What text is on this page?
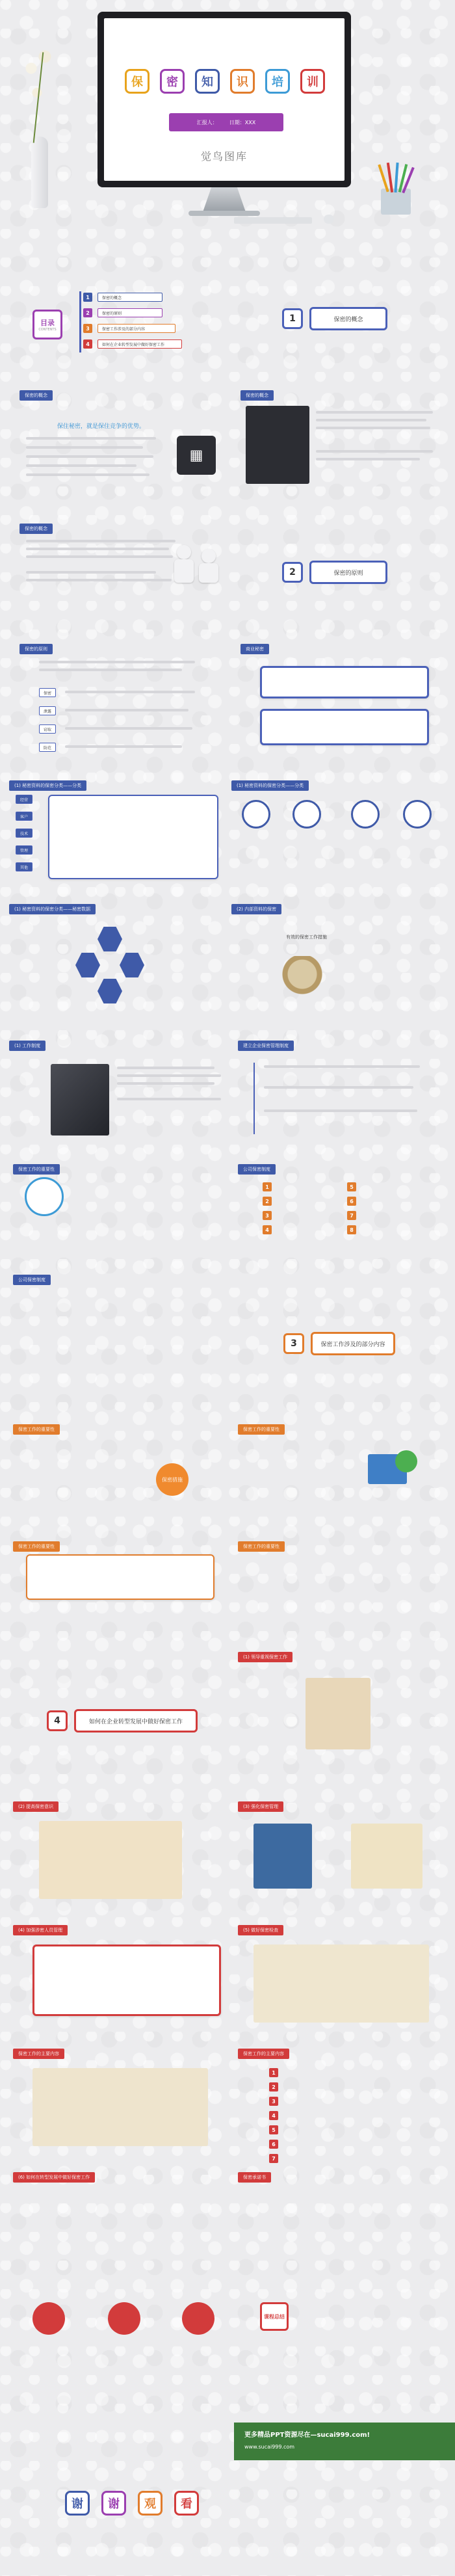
保	密	知	识	培	训
汇报人： 日期：XXX
觉鸟图库
目录
CONTENTS
1	保密的概念
2	保密的原则
3	保密工作涉及的部分内容
4	如何在企业转型发展中做好保密工作
1	保密的概念
保密的概念
保住秘密，就是保住竞争的优势。
▦
保密的概念
保密的概念
2	保密的原则
保密的原则
保密
泄露
窃取
防范
商业秘密
(1) 秘密资料的保密分类——分类
经营
客户
技术
管理
其他
(1) 秘密资料的保密分类——分类
(1) 秘密资料的保密分类——秘密数据	(2) 内部资料的保密
有效的保密工作措施
(1) 工作制度	建立企业保密管理制度
保密工作的重要性	公司保密制度
1
2
3
4
5
6
7
8
公司保密制度
3	保密工作涉及的部分内容
保密工作的重要性
保密措施
保密工作的重要性
保密工作的重要性	保密工作的重要性
(1) 领导重视保密工作
4	如何在企业转型发展中做好保密工作
(2) 提高保密意识	(3) 强化保密管理
(4) 加强涉密人员管理	(5) 做好保密检查
保密工作的主要内容	保密工作的主要内容
1
2
3
4
5
6
7
(6) 如何在转型发展中做好保密工作	保密承诺书
课程总结
更多精品PPT资源尽在—sucai999.com!
www.sucai999.com
谢	谢	观	看
